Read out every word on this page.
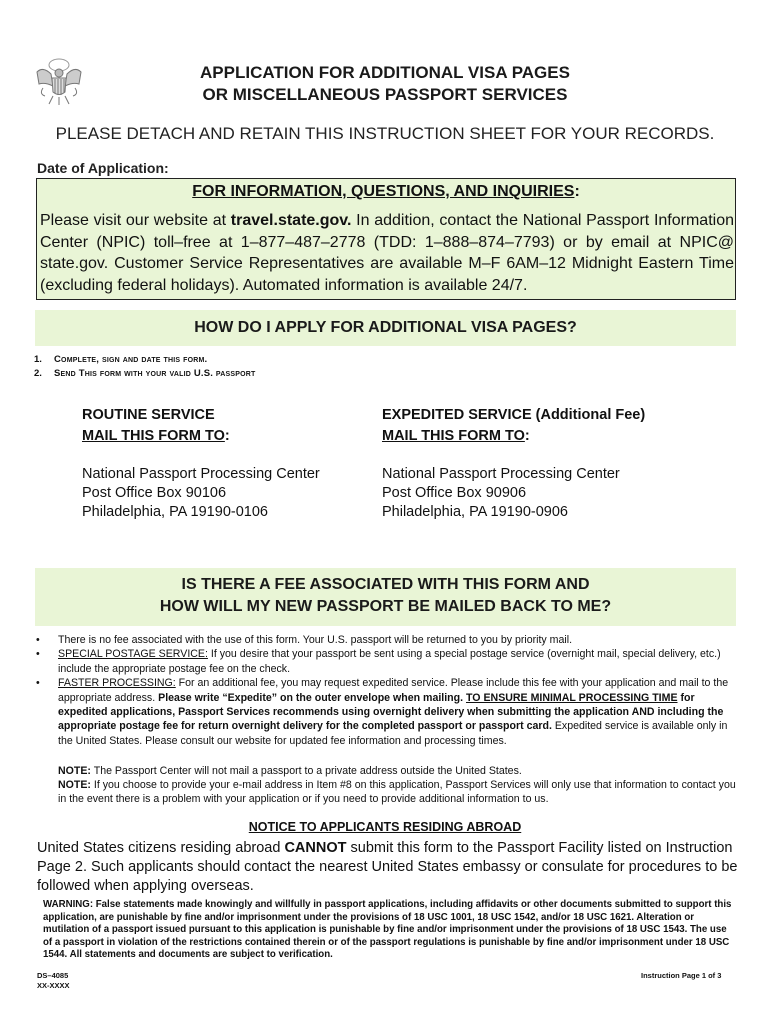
APPLICATION FOR ADDITIONAL VISA PAGES
OR MISCELLANEOUS PASSPORT SERVICES
PLEASE DETACH AND RETAIN THIS INSTRUCTION SHEET FOR YOUR RECORDS.
Date of Application:
FOR INFORMATION, QUESTIONS, AND INQUIRIES:
Please visit our website at travel.state.gov. In addition, contact the National Passport Information Center (NPIC) toll–free at 1–877–487–2778 (TDD: 1–888–874–7793) or by email at NPIC@ state.gov. Customer Service Representatives are available M–F 6AM–12 Midnight Eastern Time (excluding federal holidays). Automated information is available 24/7.
HOW DO I APPLY FOR ADDITIONAL VISA PAGES?
1. Complete, sign and date this form.
2. Send This form with your valid U.S. passport
ROUTINE SERVICE
MAIL THIS FORM TO:
National Passport Processing Center
Post Office Box 90106
Philadelphia, PA 19190-0106
EXPEDITED SERVICE (Additional Fee)
MAIL THIS FORM TO:
National Passport Processing Center
Post Office Box 90906
Philadelphia, PA 19190-0906
IS THERE A FEE ASSOCIATED WITH THIS FORM AND
HOW WILL MY NEW PASSPORT BE MAILED BACK TO ME?
•	There is no fee associated with the use of this form. Your U.S. passport will be returned to you by priority mail.
•	SPECIAL POSTAGE SERVICE: If you desire that your passport be sent using a special postage service (overnight mail, special delivery, etc.) include the appropriate postage fee on the check.
•	FASTER PROCESSING: For an additional fee, you may request expedited service. Please include this fee with your application and mail to the appropriate address. Please write “Expedite” on the outer envelope when mailing. TO ENSURE MINIMAL PROCESSING TIME for expedited applications, Passport Services recommends using overnight delivery when submitting the application AND including the appropriate postage fee for return overnight delivery for the completed passport or passport card. Expedited service is available only in the United States. Please consult our website for updated fee information and processing times.
NOTE: The Passport Center will not mail a passport to a private address outside the United States.
NOTE: If you choose to provide your e-mail address in Item #8 on this application, Passport Services will only use that information to contact you in the event there is a problem with your application or if you need to provide additional information to us.
NOTICE TO APPLICANTS RESIDING ABROAD
United States citizens residing abroad CANNOT submit this form to the Passport Facility listed on Instruction Page 2. Such applicants should contact the nearest United States embassy or consulate for procedures to be followed when applying overseas.
WARNING: False statements made knowingly and willfully in passport applications, including affidavits or other documents submitted to support this application, are punishable by fine and/or imprisonment under the provisions of 18 USC 1001, 18 USC 1542, and/or 18 USC 1621. Alteration or mutilation of a passport issued pursuant to this application is punishable by fine and/or imprisonment under the provisions of 18 USC 1543. The use of a passport in violation of the restrictions contained therein or of the passport regulations is punishable by fine and/or imprisonment under 18 USC 1544. All statements and documents are subject to verification.
DS–4085
XX-XXXX
Instruction Page 1 of 3
